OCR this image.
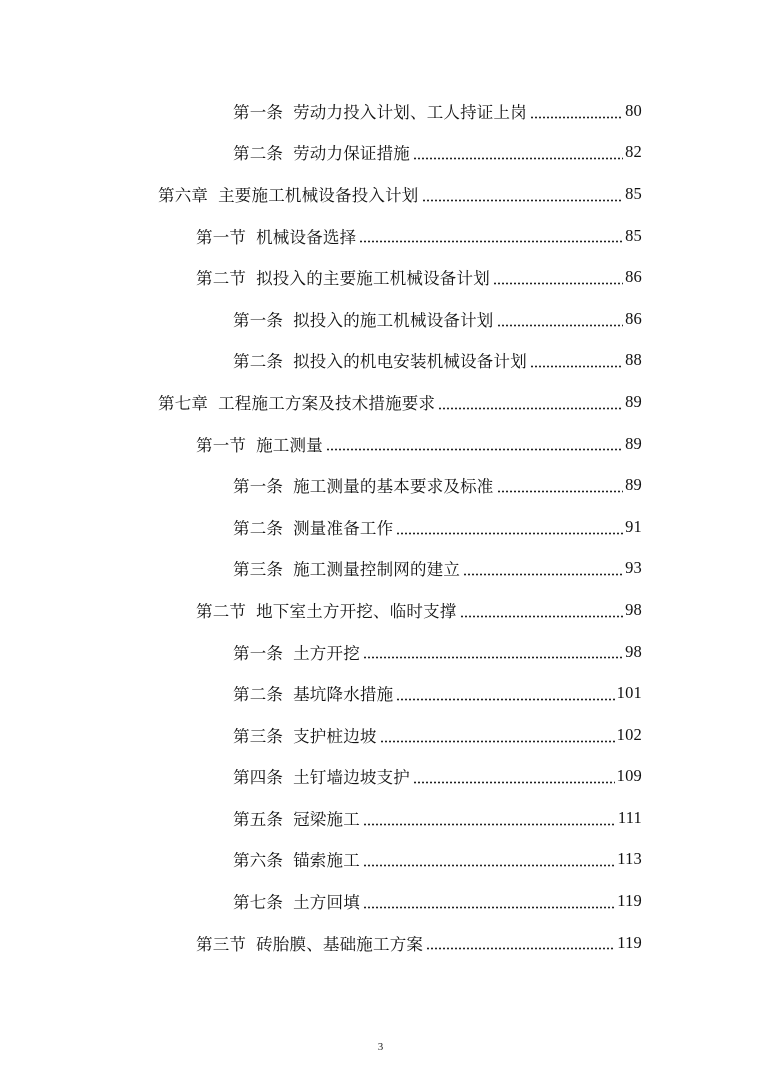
第一条 劳动力投入计划、工人持证上岗	80
第二条 劳动力保证措施	82
第六章 主要施工机械设备投入计划	85
第一节 机械设备选择	85
第二节 拟投入的主要施工机械设备计划	86
第一条 拟投入的施工机械设备计划	86
第二条 拟投入的机电安装机械设备计划	88
第七章 工程施工方案及技术措施要求	89
第一节 施工测量	89
第一条 施工测量的基本要求及标准	89
第二条 测量准备工作	91
第三条 施工测量控制网的建立	93
第二节 地下室土方开挖、临时支撑	98
第一条 土方开挖	98
第二条 基坑降水措施	101
第三条 支护桩边坡	102
第四条 土钉墙边坡支护	109
第五条 冠梁施工	111
第六条 锚索施工	113
第七条 土方回填	119
第三节 砖胎膜、基础施工方案	119
3
